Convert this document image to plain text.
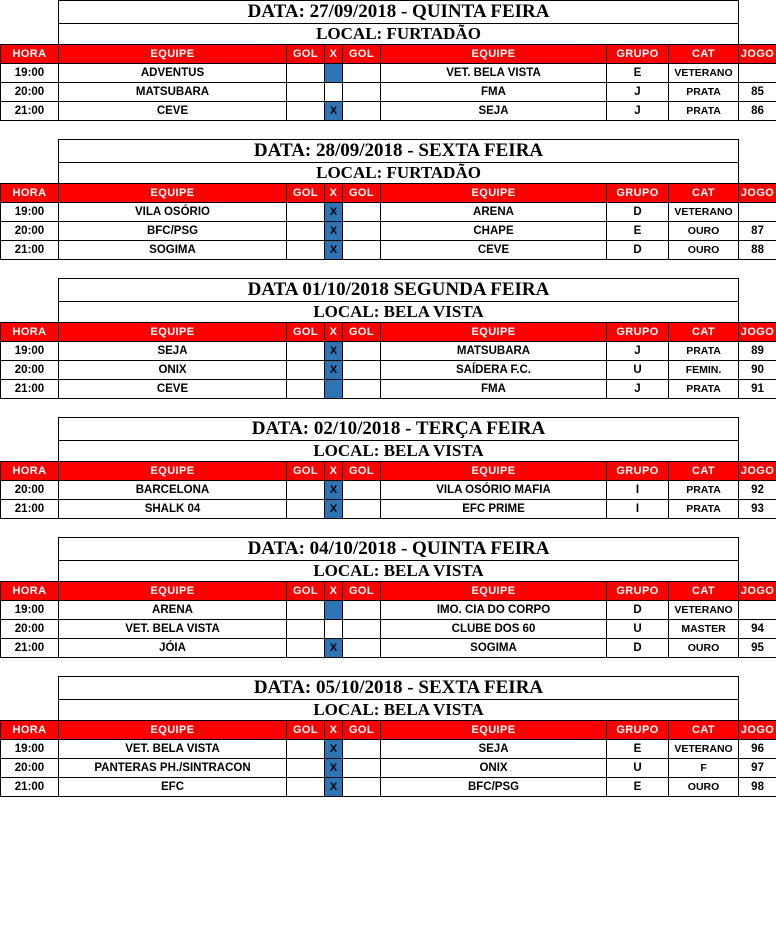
	DATA: 27/09/2018 - QUINTA FEIRA							
	LOCAL: FURTADÃO							
HORA	EQUIPE	GOL	X	GOL	EQUIPE	GRUPO	CAT	JOGO
19:00	ADVENTUS				VET. BELA VISTA	E	VETERANO	
20:00	MATSUBARA				FMA	J	PRATA	85
21:00	CEVE		X		SEJA	J	PRATA	86
	DATA: 28/09/2018 - SEXTA FEIRA							
	LOCAL: FURTADÃO							
HORA	EQUIPE	GOL	X	GOL	EQUIPE	GRUPO	CAT	JOGO
19:00	VILA OSÓRIO		X		ARENA	D	VETERANO	
20:00	BFC/PSG		X		CHAPE	E	OURO	87
21:00	SOGIMA		X		CEVE	D	OURO	88
	DATA 01/10/2018 SEGUNDA FEIRA							
	LOCAL: BELA VISTA							
HORA	EQUIPE	GOL	X	GOL	EQUIPE	GRUPO	CAT	JOGO
19:00	SEJA		X		MATSUBARA	J	PRATA	89
20:00	ONIX		X		SAÍDERA F.C.	U	FEMIN.	90
21:00	CEVE				FMA	J	PRATA	91
	DATA: 02/10/2018 - TERÇA FEIRA							
	LOCAL: BELA VISTA							
HORA	EQUIPE	GOL	X	GOL	EQUIPE	GRUPO	CAT	JOGO
20:00	BARCELONA		X		VILA OSÓRIO MAFIA	I	PRATA	92
21:00	SHALK 04		X		EFC PRIME	I	PRATA	93
	DATA: 04/10/2018 - QUINTA FEIRA							
	LOCAL: BELA VISTA							
HORA	EQUIPE	GOL	X	GOL	EQUIPE	GRUPO	CAT	JOGO
19:00	ARENA				IMO. CIA DO CORPO	D	VETERANO	
20:00	VET. BELA VISTA				CLUBE DOS 60	U	MASTER	94
21:00	JÓIA		X		SOGIMA	D	OURO	95
	DATA: 05/10/2018 - SEXTA FEIRA							
	LOCAL: BELA VISTA							
HORA	EQUIPE	GOL	X	GOL	EQUIPE	GRUPO	CAT	JOGO
19:00	VET. BELA VISTA		X		SEJA	E	VETERANO	96
20:00	PANTERAS PH./SINTRACON		X		ONIX	U	F	97
21:00	EFC		X		BFC/PSG	E	OURO	98
